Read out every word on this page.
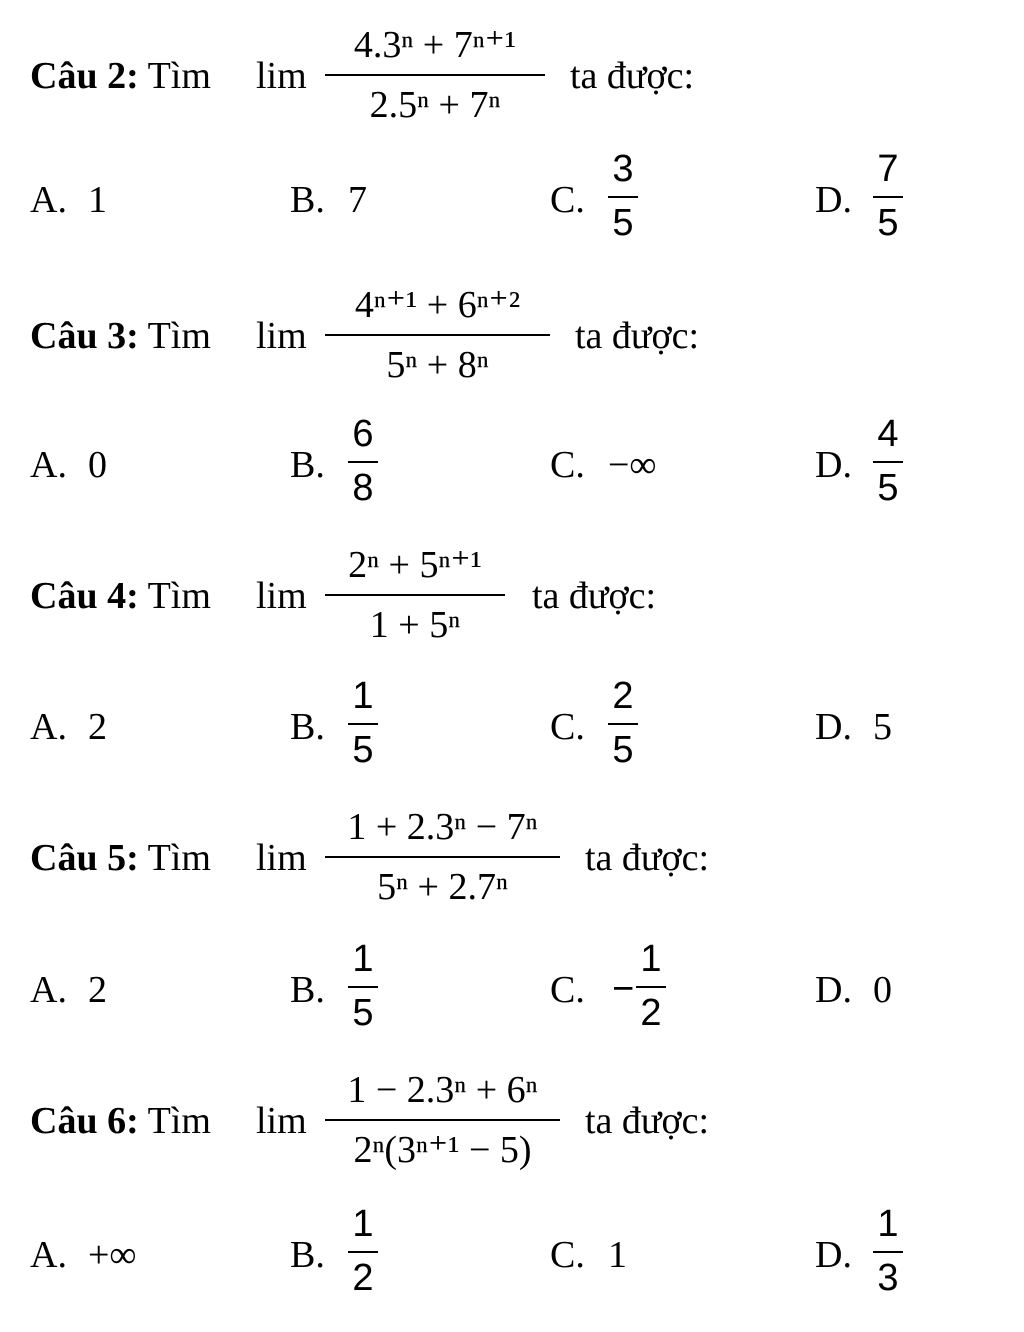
Câu 2: Tìm lim
4.3ⁿ + 7ⁿ⁺¹
2.5ⁿ + 7ⁿ
ta được:
A. 1	B. 7	C.
3
5
D.
7
5
Câu 3: Tìm lim
4ⁿ⁺¹ + 6ⁿ⁺²
5ⁿ + 8ⁿ
ta được:
A. 0	B.
6
8
C. −∞	D.
4
5
Câu 4: Tìm lim
2ⁿ + 5ⁿ⁺¹
1 + 5ⁿ
ta được:
A. 2	B.
1
5
C.
2
5
D. 5
Câu 5: Tìm lim
1 + 2.3ⁿ − 7ⁿ
5ⁿ + 2.7ⁿ
ta được:
A. 2	B.
1
5
C. −
1
2
D. 0
Câu 6: Tìm lim
1 − 2.3ⁿ + 6ⁿ
2ⁿ(3ⁿ⁺¹ − 5)
ta được:
A. +∞	B.
1
2
C. 1	D.
1
3
